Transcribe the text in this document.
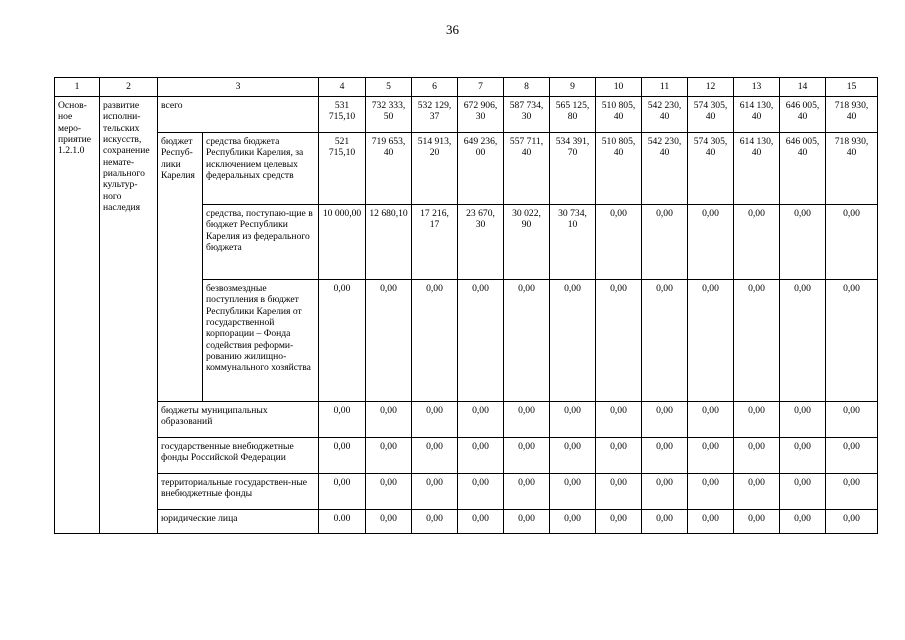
36
1	2	3		4	5	6	7	8	9	10	11	12	13	14	15
Основ-ное меро-приятие 1.2.1.0	развитие исполни-тельских искусств, сохранение немате-риального культур-ного наследия	всего		531 715,10	732 333, 50	532 129, 37	672 906, 30	587 734, 30	565 125, 80	510 805, 40	542 230, 40	574 305, 40	614 130, 40	646 005, 40	718 930, 40
		бюджет Респуб-лики Карелия	средства бюджета Республики Карелия, за исключением целевых федеральных средств	521 715,10	719 653, 40	514 913, 20	649 236, 00	557 711, 40	534 391, 70	510 805, 40	542 230, 40	574 305, 40	614 130, 40	646 005, 40	718 930, 40
			средства, поступаю-щие в бюджет Республики Карелия из федерального бюджета	10 000,00	12 680,10	17 216, 17	23 670, 30	30 022, 90	30 734, 10	0,00	0,00	0,00	0,00	0,00	0,00
			безвозмездные поступления в бюджет Республики Карелия от государственной корпорации – Фонда содействия реформи-рованию жилищно-коммунального хозяйства	0,00	0,00	0,00	0,00	0,00	0,00	0,00	0,00	0,00	0,00	0,00	0,00
		бюджеты муниципальных образований		0,00	0,00	0,00	0,00	0,00	0,00	0,00	0,00	0,00	0,00	0,00	0,00
		государственные внебюджетные фонды Российской Федерации		0,00	0,00	0,00	0,00	0,00	0,00	0,00	0,00	0,00	0,00	0,00	0,00
		территориальные государствен-ные внебюджетные фонды		0,00	0,00	0,00	0,00	0,00	0,00	0,00	0,00	0,00	0,00	0,00	0,00
		юридические лица		0.00	0,00	0,00	0,00	0,00	0,00	0,00	0,00	0,00	0,00	0,00	0,00
